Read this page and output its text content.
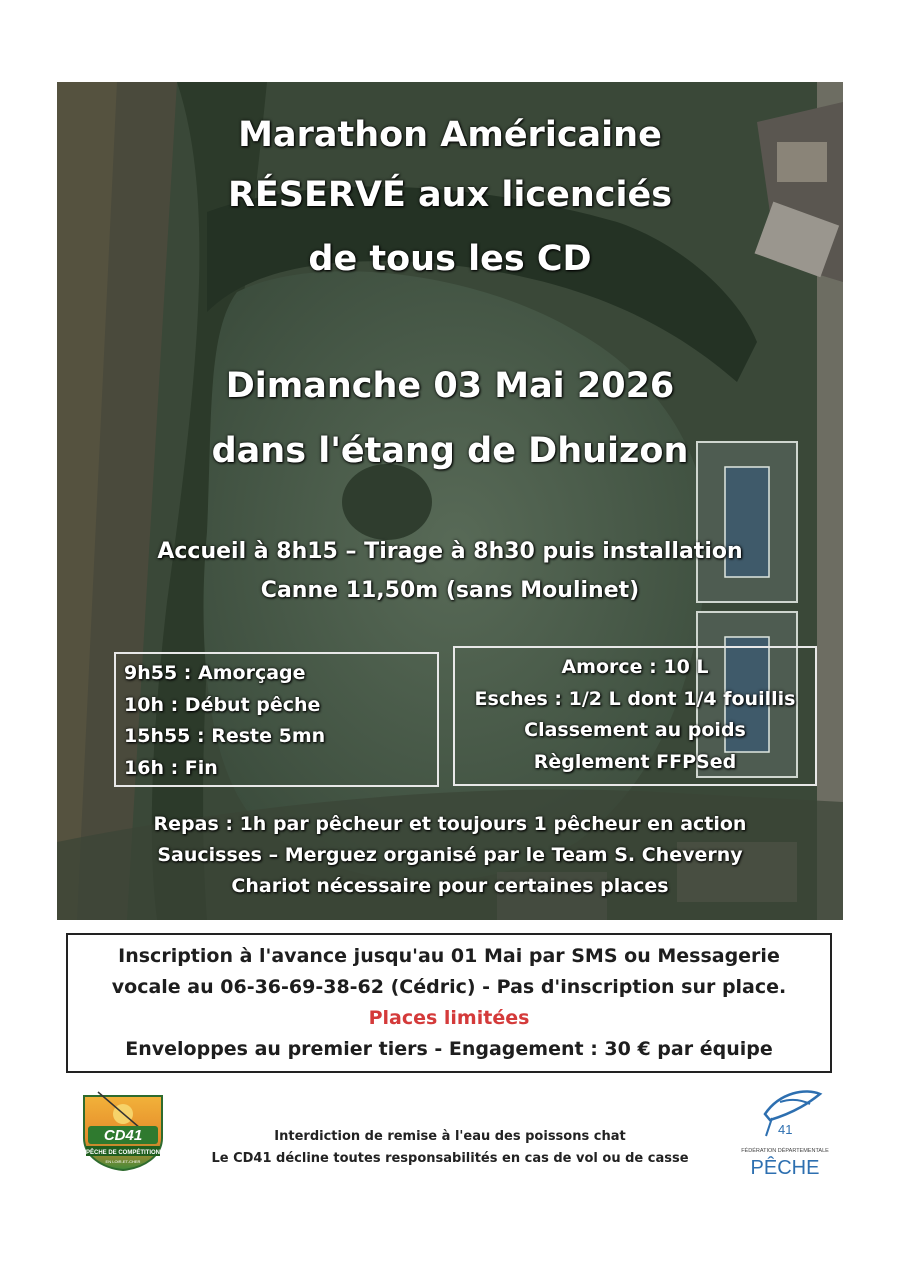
Marathon Américaine
RÉSERVÉ aux licenciés
de tous les CD
Dimanche 03 Mai 2026
dans l'étang de Dhuizon
Accueil à 8h15 – Tirage à 8h30 puis installation
Canne 11,50m (sans Moulinet)
9h55 : Amorçage
10h : Début pêche
15h55 : Reste 5mn
16h : Fin
Amorce : 10 L
Esches : 1/2 L dont 1/4 fouillis
Classement au poids
Règlement FFPSed
Repas : 1h par pêcheur et toujours 1 pêcheur en action
Saucisses – Merguez organisé par le Team S. Cheverny
Chariot nécessaire pour certaines places
Inscription à l'avance jusqu'au 01 Mai par SMS ou Messagerie
vocale au 06-36-69-38-62 (Cédric) - Pas d'inscription sur place.
Places limitées
Enveloppes au premier tiers - Engagement : 30 € par équipe
CD41
PÊCHE DE COMPÉTITION
EN LOIR-ET-CHER
Interdiction de remise à l'eau des poissons chat
Le CD41 décline toutes responsabilités en cas de vol ou de casse
41
FÉDÉRATION DÉPARTEMENTALE
PÊCHE
